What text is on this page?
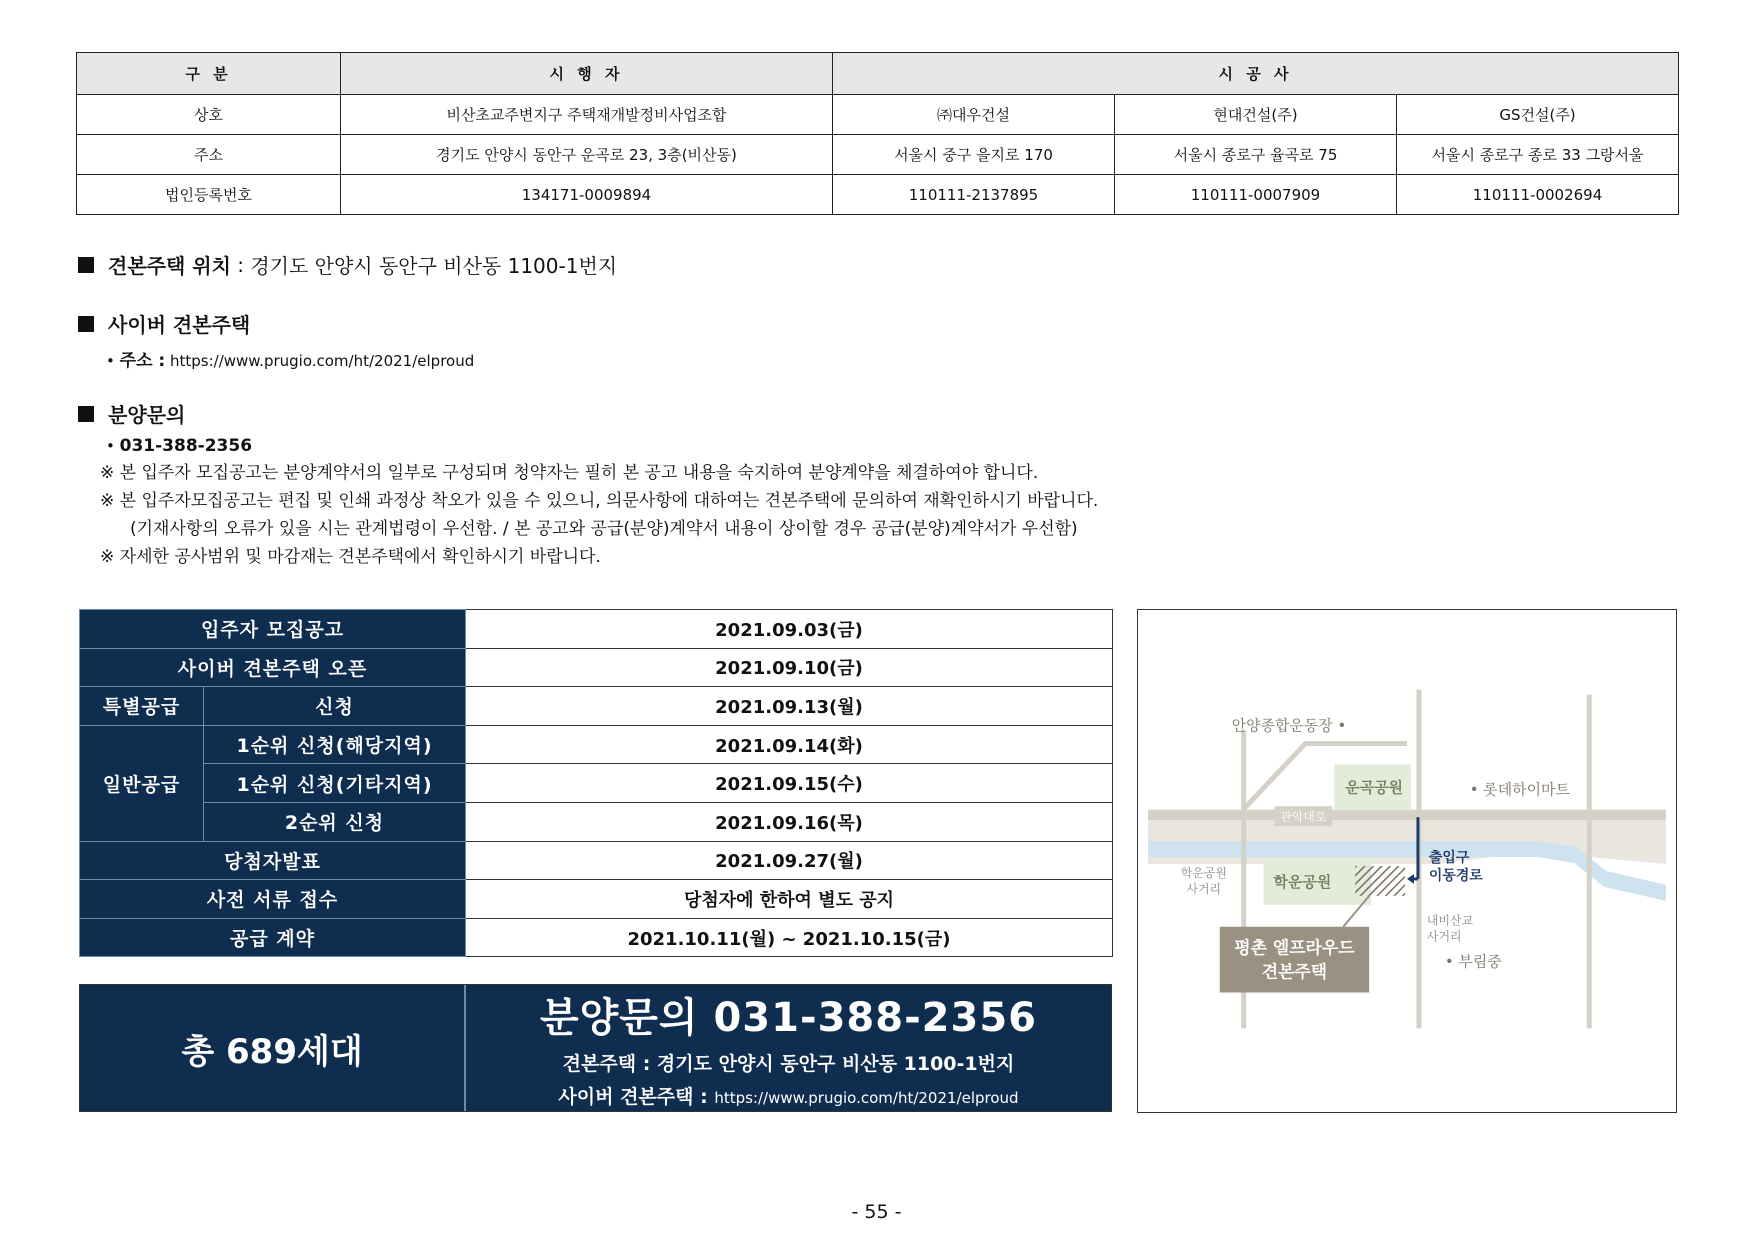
구 분	시 행 자	시 공 사		
상호	비산초교주변지구 주택재개발정비사업조합	㈜대우건설	현대건설(주)	GS건설(주)
주소	경기도 안양시 동안구 운곡로 23, 3층(비산동)	서울시 중구 을지로 170	서울시 종로구 율곡로 75	서울시 종로구 종로 33 그랑서울
법인등록번호	134171-0009894	110111-2137895	110111-0007909	110111-0002694
견본주택 위치 : 경기도 안양시 동안구 비산동 1100-1번지
사이버 견본주택
• 주소 : https://www.prugio.com/ht/2021/elproud
분양문의
• 031-388-2356
※ 본 입주자 모집공고는 분양계약서의 일부로 구성되며 청약자는 필히 본 공고 내용을 숙지하여 분양계약을 체결하여야 합니다.
※ 본 입주자모집공고는 편집 및 인쇄 과정상 착오가 있을 수 있으니, 의문사항에 대하여는 견본주택에 문의하여 재확인하시기 바랍니다.
(기재사항의 오류가 있을 시는 관계법령이 우선함. / 본 공고와 공급(분양)계약서 내용이 상이할 경우 공급(분양)계약서가 우선함)
※ 자세한 공사범위 및 마감재는 견본주택에서 확인하시기 바랍니다.
입주자 모집공고		2021.09.03(금)
사이버 견본주택 오픈		2021.09.10(금)
특별공급	신청	2021.09.13(월)
일반공급	1순위 신청(해당지역)	2021.09.14(화)
	1순위 신청(기타지역)	2021.09.15(수)
	2순위 신청	2021.09.16(목)
당첨자발표		2021.09.27(월)
사전 서류 접수		당첨자에 한하여 별도 공지
공급 계약		2021.10.11(월) ~ 2021.10.15(금)
총 689세대
분양문의 031-388-2356
견본주택 : 경기도 안양시 동안구 비산동 1100-1번지
사이버 견본주택 : https://www.prugio.com/ht/2021/elproud
안양종합운동장 •
운곡공원	• 롯데하이마트
관악대로
학운공원
사거리	학운공원
출입구
이동경로
내비산교
사거리
• 부림중
평촌 엘프라우드
견본주택
- 55 -
